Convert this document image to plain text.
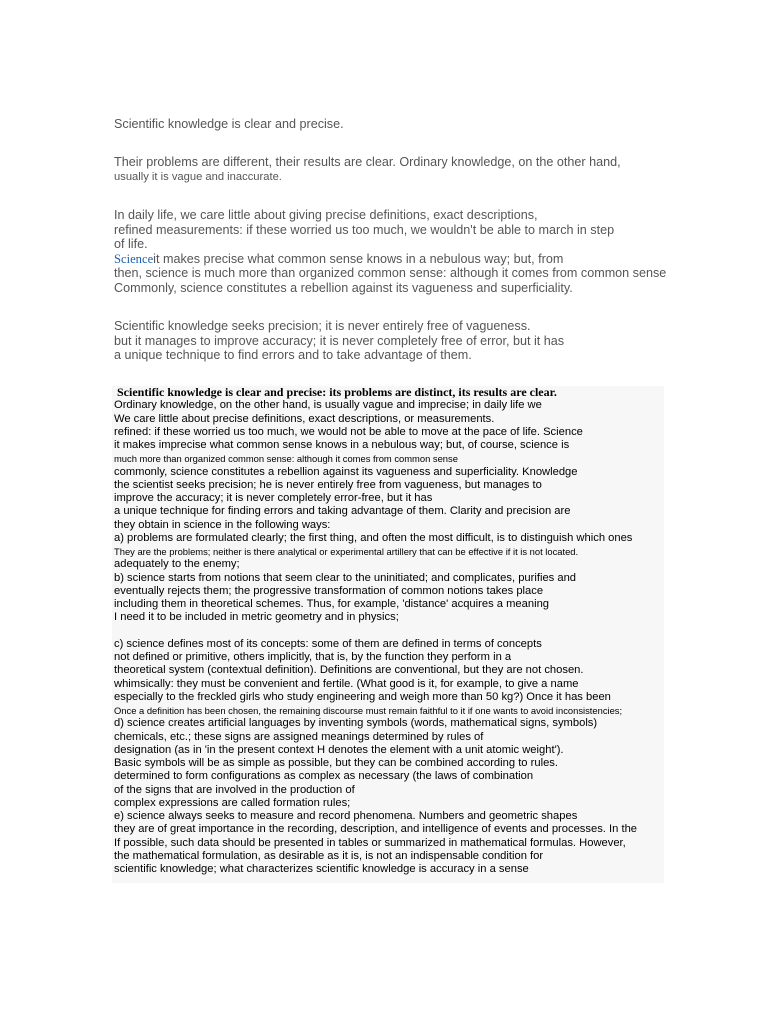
Scientific knowledge is clear and precise.
Their problems are different, their results are clear. Ordinary knowledge, on the other hand,
usually it is vague and inaccurate.
In daily life, we care little about giving precise definitions, exact descriptions,
refined measurements: if these worried us too much, we wouldn't be able to march in step
of life.
Scienceit makes precise what common sense knows in a nebulous way; but, from
then, science is much more than organized common sense: although it comes from common sense
Commonly, science constitutes a rebellion against its vagueness and superficiality.
Scientific knowledge seeks precision; it is never entirely free of vagueness.
but it manages to improve accuracy; it is never completely free of error, but it has
a unique technique to find errors and to take advantage of them.
Scientific knowledge is clear and precise: its problems are distinct, its results are clear.
Ordinary knowledge, on the other hand, is usually vague and imprecise; in daily life we
We care little about precise definitions, exact descriptions, or measurements.
refined: if these worried us too much, we would not be able to move at the pace of life. Science
it makes imprecise what common sense knows in a nebulous way; but, of course, science is
much more than organized common sense: although it comes from common sense
commonly, science constitutes a rebellion against its vagueness and superficiality. Knowledge
the scientist seeks precision; he is never entirely free from vagueness, but manages to
improve the accuracy; it is never completely error-free, but it has
a unique technique for finding errors and taking advantage of them. Clarity and precision are
they obtain in science in the following ways:
a) problems are formulated clearly; the first thing, and often the most difficult, is to distinguish which ones
They are the problems; neither is there analytical or experimental artillery that can be effective if it is not located.
adequately to the enemy;
b) science starts from notions that seem clear to the uninitiated; and complicates, purifies and
eventually rejects them; the progressive transformation of common notions takes place
including them in theoretical schemes. Thus, for example, 'distance' acquires a meaning
I need it to be included in metric geometry and in physics;
c) science defines most of its concepts: some of them are defined in terms of concepts
not defined or primitive, others implicitly, that is, by the function they perform in a
theoretical system (contextual definition). Definitions are conventional, but they are not chosen.
whimsically: they must be convenient and fertile. (What good is it, for example, to give a name
especially to the freckled girls who study engineering and weigh more than 50 kg?) Once it has been
Once a definition has been chosen, the remaining discourse must remain faithful to it if one wants to avoid inconsistencies;
d) science creates artificial languages by inventing symbols (words, mathematical signs, symbols)
chemicals, etc.; these signs are assigned meanings determined by rules of
designation (as in 'in the present context H denotes the element with a unit atomic weight').
Basic symbols will be as simple as possible, but they can be combined according to rules.
determined to form configurations as complex as necessary (the laws of combination
of the signs that are involved in the production of
complex expressions are called formation rules;
e) science always seeks to measure and record phenomena. Numbers and geometric shapes
they are of great importance in the recording, description, and intelligence of events and processes. In the
If possible, such data should be presented in tables or summarized in mathematical formulas. However,
the mathematical formulation, as desirable as it is, is not an indispensable condition for
scientific knowledge; what characterizes scientific knowledge is accuracy in a sense
